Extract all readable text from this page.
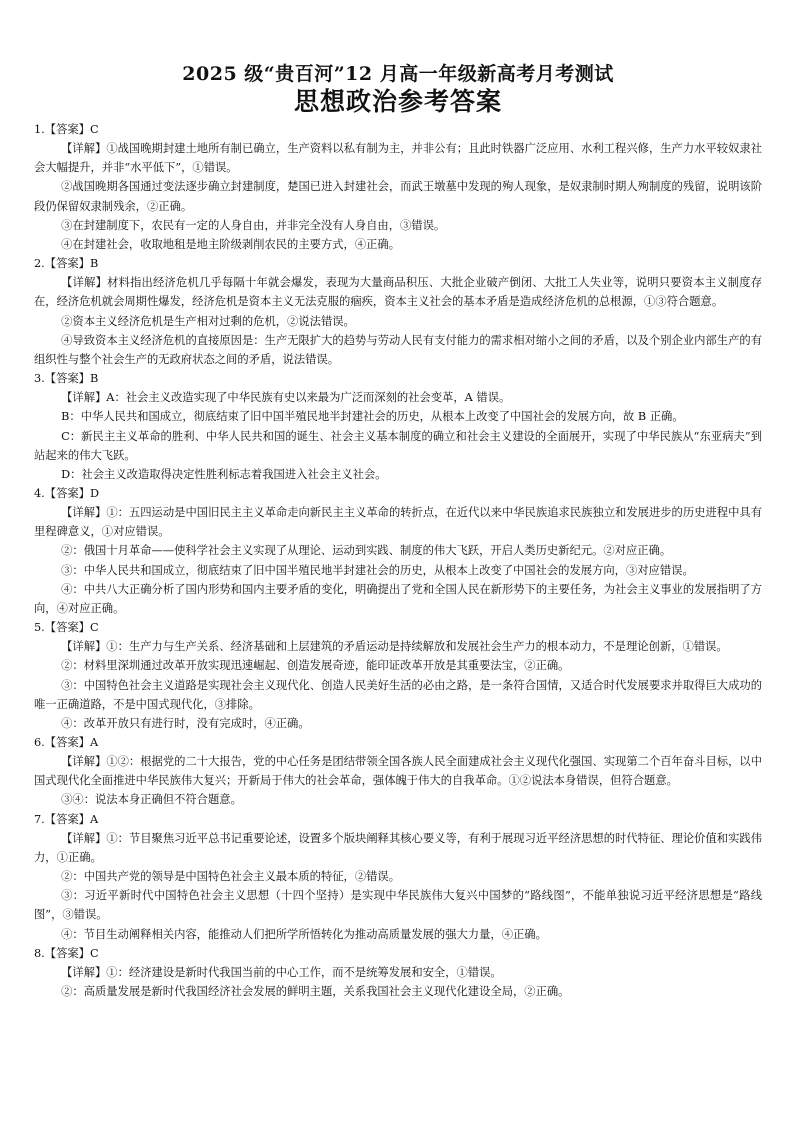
2025 级“贵百河”12 月高一年级新高考月考测试

思想政治参考答案

1.【答案】C

【详解】①战国晚期封建土地所有制已确立，生产资料以私有制为主，并非公有；且此时铁器广泛应用、水利工程兴修，生产力水平较奴隶社会大幅提升，并非“水平低下”，①错误。

②战国晚期各国通过变法逐步确立封建制度，楚国已进入封建社会，而武王墩墓中发现的殉人现象，是奴隶制时期人殉制度的残留，说明该阶段仍保留奴隶制残余，②正确。

③在封建制度下，农民有一定的人身自由，并非完全没有人身自由，③错误。

④在封建社会，收取地租是地主阶级剥削农民的主要方式，④正确。

2.【答案】B

【详解】材料指出经济危机几乎每隔十年就会爆发，表现为大量商品积压、大批企业破产倒闭、大批工人失业等，说明只要资本主义制度存在，经济危机就会周期性爆发，经济危机是资本主义无法克服的痼疾，资本主义社会的基本矛盾是造成经济危机的总根源，①③符合题意。

②资本主义经济危机是生产相对过剩的危机，②说法错误。

④导致资本主义经济危机的直接原因是：生产无限扩大的趋势与劳动人民有支付能力的需求相对缩小之间的矛盾，以及个别企业内部生产的有组织性与整个社会生产的无政府状态之间的矛盾，说法错误。

3.【答案】B

【详解】A：社会主义改造实现了中华民族有史以来最为广泛而深刻的社会变革，A 错误。

B：中华人民共和国成立，彻底结束了旧中国半殖民地半封建社会的历史，从根本上改变了中国社会的发展方向，故 B 正确。

C：新民主主义革命的胜利、中华人民共和国的诞生、社会主义基本制度的确立和社会主义建设的全面展开，实现了中华民族从“东亚病夫”到站起来的伟大飞跃。

D：社会主义改造取得决定性胜利标志着我国进入社会主义社会。

4.【答案】D

【详解】①：五四运动是中国旧民主主义革命走向新民主主义革命的转折点，在近代以来中华民族追求民族独立和发展进步的历史进程中具有里程碑意义，①对应错误。

②：俄国十月革命——使科学社会主义实现了从理论、运动到实践、制度的伟大飞跃，开启人类历史新纪元。②对应正确。

③：中华人民共和国成立，彻底结束了旧中国半殖民地半封建社会的历史，从根本上改变了中国社会的发展方向，③对应错误。

④：中共八大正确分析了国内形势和国内主要矛盾的变化，明确提出了党和全国人民在新形势下的主要任务，为社会主义事业的发展指明了方向，④对应正确。

5.【答案】C

【详解】①：生产力与生产关系、经济基础和上层建筑的矛盾运动是持续解放和发展社会生产力的根本动力，不是理论创新，①错误。

②：材料里深圳通过改革开放实现迅速崛起、创造发展奇迹，能印证改革开放是其重要法宝，②正确。

③：中国特色社会主义道路是实现社会主义现代化、创造人民美好生活的必由之路，是一条符合国情，又适合时代发展要求并取得巨大成功的唯一正确道路，不是中国式现代化，③排除。

④：改革开放只有进行时，没有完成时，④正确。

6.【答案】A

【详解】①②：根据党的二十大报告，党的中心任务是团结带领全国各族人民全面建成社会主义现代化强国、实现第二个百年奋斗目标，以中国式现代化全面推进中华民族伟大复兴；开新局于伟大的社会革命，强体魄于伟大的自我革命。①②说法本身错误，但符合题意。

③④：说法本身正确但不符合题意。

7.【答案】A

【详解】①：节目聚焦习近平总书记重要论述，设置多个版块阐释其核心要义等，有利于展现习近平经济思想的时代特征、理论价值和实践伟力，①正确。

②：中国共产党的领导是中国特色社会主义最本质的特征，②错误。

③：习近平新时代中国特色社会主义思想（十四个坚持）是实现中华民族伟大复兴中国梦的“路线图”，不能单独说习近平经济思想是“路线图”，③错误。

④：节目生动阐释相关内容，能推动人们把所学所悟转化为推动高质量发展的强大力量，④正确。

8.【答案】C

【详解】①：经济建设是新时代我国当前的中心工作，而不是统筹发展和安全，①错误。

②：高质量发展是新时代我国经济社会发展的鲜明主题，关系我国社会主义现代化建设全局，②正确。
